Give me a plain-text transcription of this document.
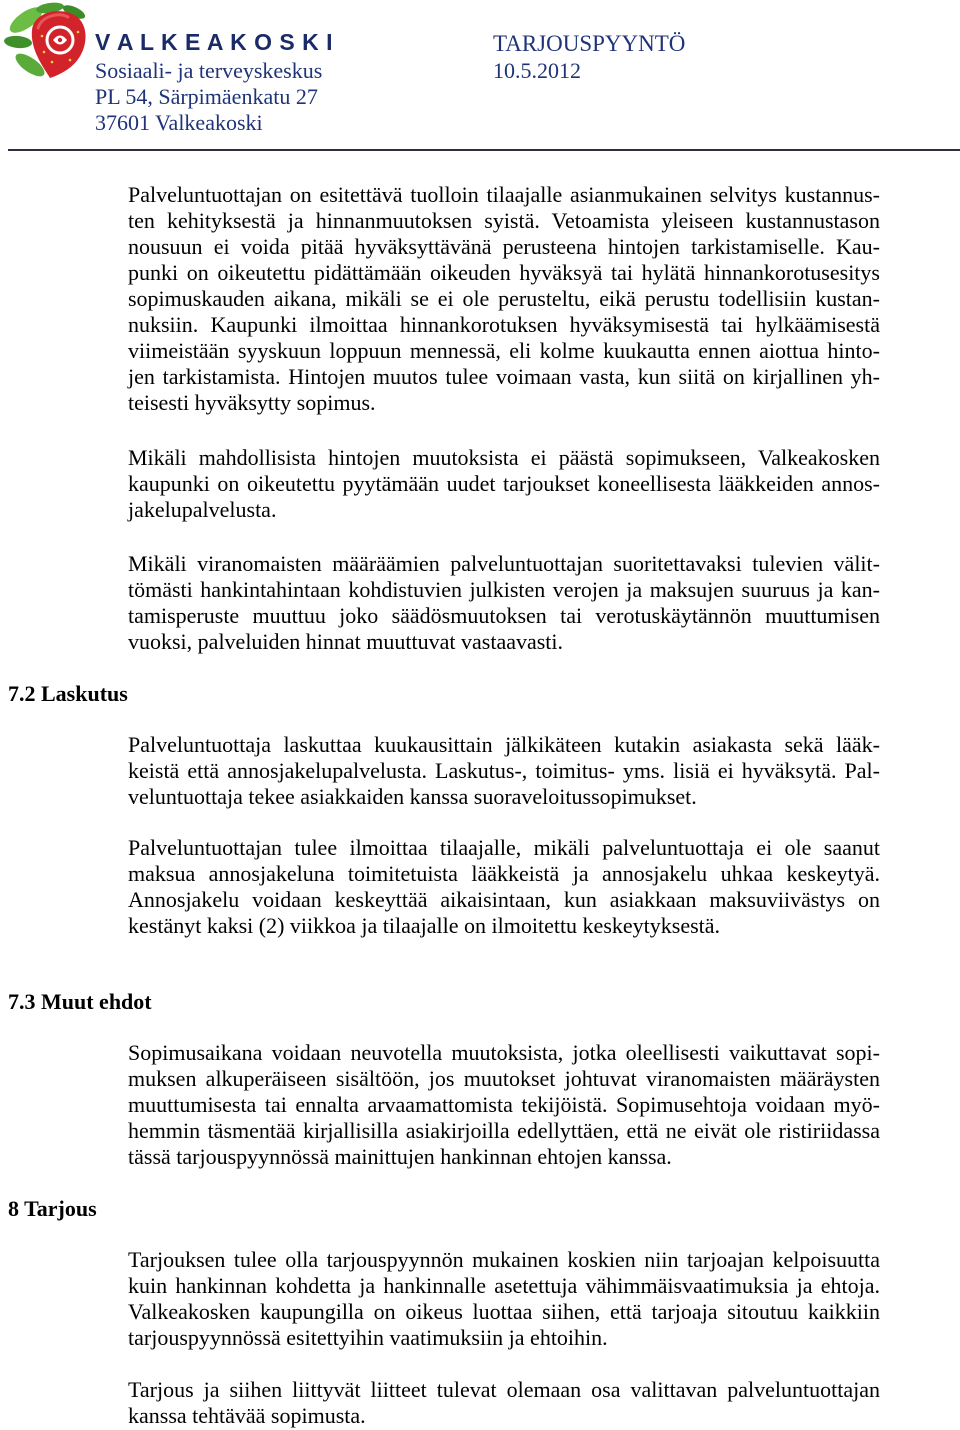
V A L K E A K O S K I	TARJOUSPYYNTÖ
Sosiaali- ja terveyskeskus	10.5.2012
PL 54, Särpimäenkatu 27
37601 Valkeakoski
Palveluntuottajan on esitettävä tuolloin tilaajalle asianmukainen selvitys kustannus-
ten kehityksestä ja hinnanmuutoksen syistä. Vetoamista yleiseen kustannustason
nousuun ei voida pitää hyväksyttävänä perusteena hintojen tarkistamiselle. Kau-
punki on oikeutettu pidättämään oikeuden hyväksyä tai hylätä hinnankorotusesitys
sopimuskauden aikana, mikäli se ei ole perusteltu, eikä perustu todellisiin kustan-
nuksiin. Kaupunki ilmoittaa hinnankorotuksen hyväksymisestä tai hylkäämisestä
viimeistään syyskuun loppuun mennessä, eli kolme kuukautta ennen aiottua hinto-
jen tarkistamista. Hintojen muutos tulee voimaan vasta, kun siitä on kirjallinen yh-
teisesti hyväksytty sopimus.
Mikäli mahdollisista hintojen muutoksista ei päästä sopimukseen, Valkeakosken
kaupunki on oikeutettu pyytämään uudet tarjoukset koneellisesta lääkkeiden annos-
jakelupalvelusta.
Mikäli viranomaisten määräämien palveluntuottajan suoritettavaksi tulevien välit-
tömästi hankintahintaan kohdistuvien julkisten verojen ja maksujen suuruus ja kan-
tamisperuste muuttuu joko säädösmuutoksen tai verotuskäytännön muuttumisen
vuoksi, palveluiden hinnat muuttuvat vastaavasti.
7.2 Laskutus
Palveluntuottaja laskuttaa kuukausittain jälkikäteen kutakin asiakasta sekä lääk-
keistä että annosjakelupalvelusta. Laskutus-, toimitus- yms. lisiä ei hyväksytä. Pal-
veluntuottaja tekee asiakkaiden kanssa suoraveloitussopimukset.
Palveluntuottajan tulee ilmoittaa tilaajalle, mikäli palveluntuottaja ei ole saanut
maksua annosjakeluna toimitetuista lääkkeistä ja annosjakelu uhkaa keskeytyä.
Annosjakelu voidaan keskeyttää aikaisintaan, kun asiakkaan maksuviivästys on
kestänyt kaksi (2) viikkoa ja tilaajalle on ilmoitettu keskeytyksestä.
7.3 Muut ehdot
Sopimusaikana voidaan neuvotella muutoksista, jotka oleellisesti vaikuttavat sopi-
muksen alkuperäiseen sisältöön, jos muutokset johtuvat viranomaisten määräysten
muuttumisesta tai ennalta arvaamattomista tekijöistä. Sopimusehtoja voidaan myö-
hemmin täsmentää kirjallisilla asiakirjoilla edellyttäen, että ne eivät ole ristiriidassa
tässä tarjouspyynnössä mainittujen hankinnan ehtojen kanssa.
8 Tarjous
Tarjouksen tulee olla tarjouspyynnön mukainen koskien niin tarjoajan kelpoisuutta
kuin hankinnan kohdetta ja hankinnalle asetettuja vähimmäisvaatimuksia ja ehtoja.
Valkeakosken kaupungilla on oikeus luottaa siihen, että tarjoaja sitoutuu kaikkiin
tarjouspyynnössä esitettyihin vaatimuksiin ja ehtoihin.
Tarjous ja siihen liittyvät liitteet tulevat olemaan osa valittavan palveluntuottajan
kanssa tehtävää sopimusta.
